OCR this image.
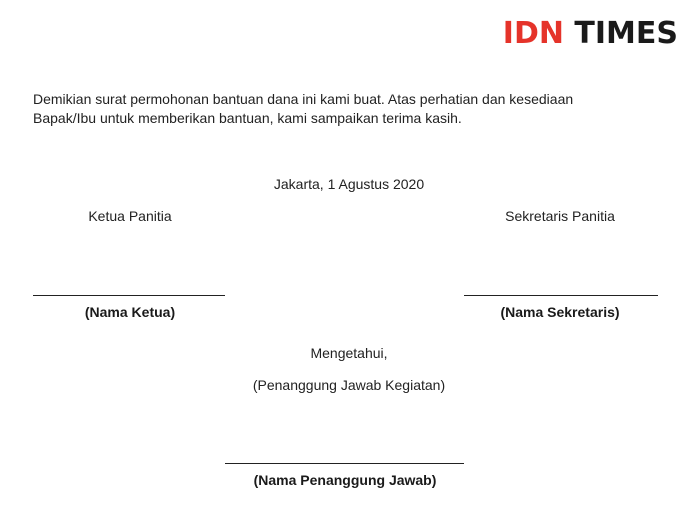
IDN TIMES
Demikian surat permohonan bantuan dana ini kami buat. Atas perhatian dan kesediaan Bapak/Ibu untuk memberikan bantuan, kami sampaikan terima kasih.
Jakarta, 1 Agustus 2020
Ketua Panitia	Sekretaris Panitia
(Nama Ketua)	(Nama Sekretaris)
Mengetahui,
(Penanggung Jawab Kegiatan)
(Nama Penanggung Jawab)
